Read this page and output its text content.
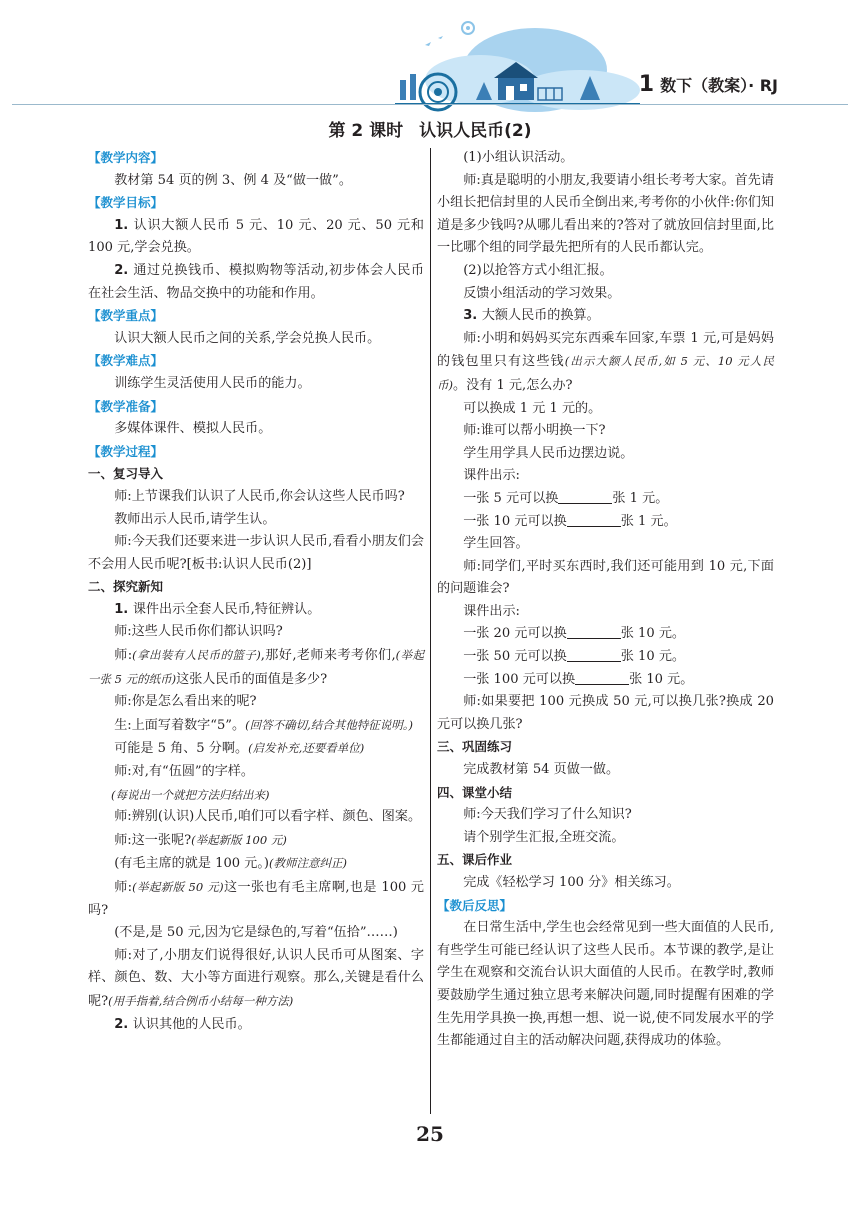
1 数下（教案）· RJ
第 2 课时 认识人民币(2)

【教学内容】

教材第 54 页的例 3、例 4 及“做一做”。

【教学目标】

1. 认识大额人民币 5 元、10 元、20 元、50 元和 100 元,学会兑换。

2. 通过兑换钱币、模拟购物等活动,初步体会人民币在社会生活、物品交换中的功能和作用。

【教学重点】

认识大额人民币之间的关系,学会兑换人民币。

【教学难点】

训练学生灵活使用人民币的能力。

【教学准备】

多媒体课件、模拟人民币。

【教学过程】

一、复习导入

师:上节课我们认识了人民币,你会认这些人民币吗?

教师出示人民币,请学生认。

师:今天我们还要来进一步认识人民币,看看小朋友们会不会用人民币呢?[板书:认识人民币(2)]

二、探究新知

1. 课件出示全套人民币,特征辨认。

师:这些人民币你们都认识吗?

师:(拿出装有人民币的篮子),那好,老师来考考你们,(举起一张 5 元的纸币)这张人民币的面值是多少?

师:你是怎么看出来的呢?

生:上面写着数字“5”。(回答不确切,结合其他特征说明。)

可能是 5 角、5 分啊。(启发补充,还要看单位)

师:对,有“伍圆”的字样。

(每说出一个就把方法归结出来)

师:辨别(认识)人民币,咱们可以看字样、颜色、图案。

师:这一张呢?(举起新版 100 元)

(有毛主席的就是 100 元。)(教师注意纠正)

师:(举起新版 50 元)这一张也有毛主席啊,也是 100 元吗?

(不是,是 50 元,因为它是绿色的,写着“伍拾”……)

师:对了,小朋友们说得很好,认识人民币可从图案、字样、颜色、数、大小等方面进行观察。那么,关键是看什么呢?(用手指着,结合例币小结每一种方法)

2. 认识其他的人民币。

(1)小组认识活动。

师:真是聪明的小朋友,我要请小组长考考大家。首先请小组长把信封里的人民币全倒出来,考考你的小伙伴:你们知道是多少钱吗?从哪儿看出来的?答对了就放回信封里面,比一比哪个组的同学最先把所有的人民币都认完。

(2)以抢答方式小组汇报。

反馈小组活动的学习效果。

3. 大额人民币的换算。

师:小明和妈妈买完东西乘车回家,车票 1 元,可是妈妈的钱包里只有这些钱(出示大额人民币,如 5 元、10 元人民币)。没有 1 元,怎么办?

可以换成 1 元 1 元的。

师:谁可以帮小明换一下?

学生用学具人民币边摆边说。

课件出示:

一张 5 元可以换	张 1 元。

一张 10 元可以换	张 1 元。

学生回答。

师:同学们,平时买东西时,我们还可能用到 10 元,下面的问题谁会?

课件出示:

一张 20 元可以换	张 10 元。

一张 50 元可以换	张 10 元。

一张 100 元可以换	张 10 元。

师:如果要把 100 元换成 50 元,可以换几张?换成 20 元可以换几张?

三、巩固练习

完成教材第 54 页做一做。

四、课堂小结

师:今天我们学习了什么知识?

请个别学生汇报,全班交流。

五、课后作业

完成《轻松学习 100 分》相关练习。

【教后反思】

在日常生活中,学生也会经常见到一些大面值的人民币,有些学生可能已经认识了这些人民币。本节课的教学,是让学生在观察和交流台认识大面值的人民币。在教学时,教师要鼓励学生通过独立思考来解决问题,同时提醒有困难的学生先用学具换一换,再想一想、说一说,使不同发展水平的学生都能通过自主的活动解决问题,获得成功的体验。

25
